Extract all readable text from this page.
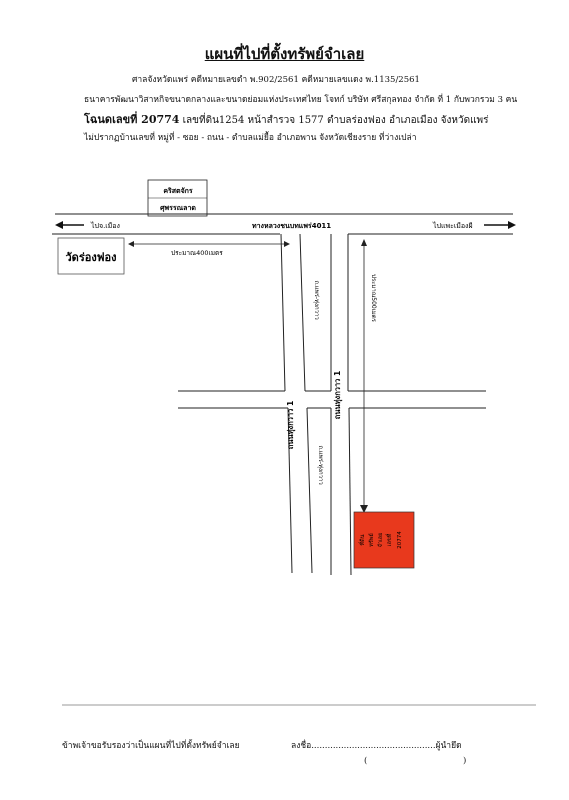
แผนที่ไปที่ตั้งทรัพย์จำเลย
ศาลจังหวัดแพร่ คดีหมายเลขดำ พ.902/2561 คดีหมายเลขแดง พ.1135/2561
ธนาคารพัฒนาวิสาหกิจขนาดกลางและขนาดย่อมแห่งประเทศไทย โจทก์ บริษัท ศรีสกุลทอง จำกัด ที่ 1 กับพวกรวม 3 คน
โฉนดเลขที่ 20774 เลขที่ดิน1254 หน้าสำรวจ 1577 ตำบลร่องฟอง อำเภอเมือง จังหวัดแพร่
ไม่ปรากฏบ้านเลขที่ หมู่ที่ - ซอย - ถนน - ตำบลแม่ยื้อ อำเภอพาน จังหวัดเชียงราย ที่ว่างเปล่า
คริสตจักร
ศุพรรณลาด
ไปจ.เมือง	ทางหลวงชนบทแพร่4011	ไปแพะเมืองผี
วัดร่องฟอง	ประมาณ400เมตร
ประมาณ500เมตร
ถ.แพร่-ทุ่งกวาว
ถ.แพร่-ทุ่งกวาว
ถนนทุ่งกวาว 1
ถนนทุ่งกวาว 1
ที่ดิน ทรัพย์ จำเลย เลขที่ 20774
ข้าพเจ้าขอรับรองว่าเป็นแผนที่ไปที่ตั้งทรัพย์จำเลย	ลงชื่อ..............................................ผู้นำยึด
(	)
